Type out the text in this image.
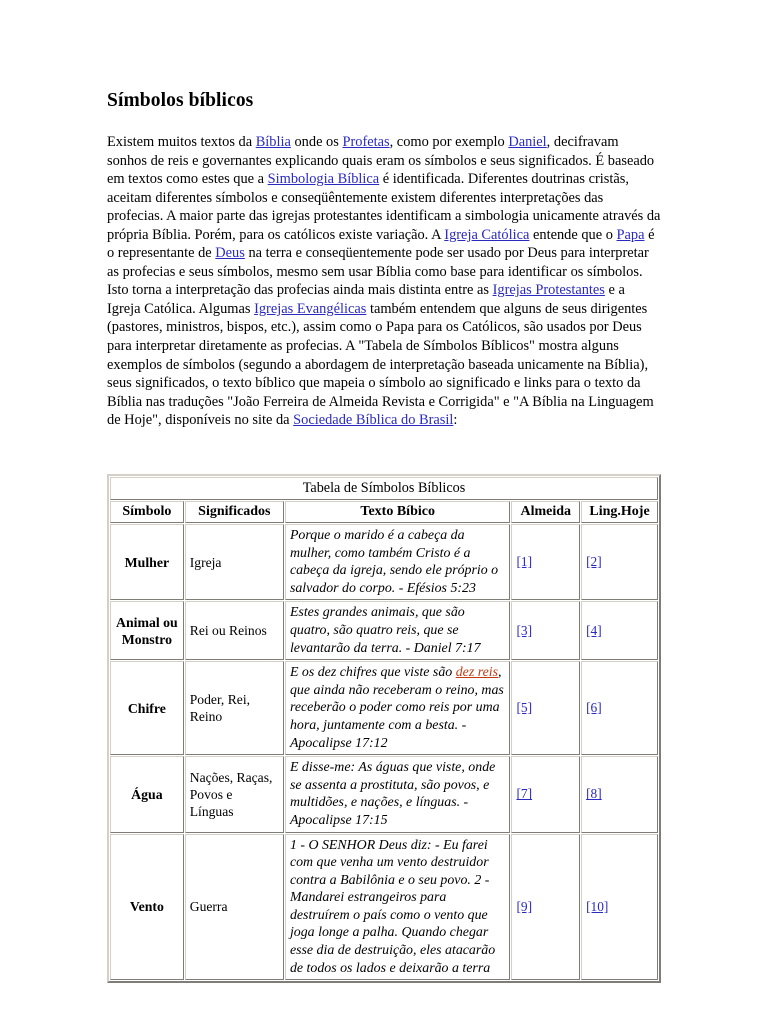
Símbolos bíblicos

Existem muitos textos da Bíblia onde os Profetas, como por exemplo Daniel, decifravam sonhos de reis e governantes explicando quais eram os símbolos e seus significados. É baseado em textos como estes que a Simbologia Bíblica é identificada. Diferentes doutrinas cristãs, aceitam diferentes símbolos e conseqüêntemente existem diferentes interpretações das profecias. A maior parte das igrejas protestantes identificam a simbologia unicamente através da própria Bíblia. Porém, para os católicos existe variação. A Igreja Católica entende que o Papa é o representante de Deus na terra e conseqüentemente pode ser usado por Deus para interpretar as profecias e seus símbolos, mesmo sem usar Bíblia como base para identificar os símbolos. Isto torna a interpretação das profecias ainda mais distinta entre as Igrejas Protestantes e a Igreja Católica. Algumas Igrejas Evangélicas também entendem que alguns de seus dirigentes (pastores, ministros, bispos, etc.), assim como o Papa para os Católicos, são usados por Deus para interpretar diretamente as profecias. A "Tabela de Símbolos Bíblicos" mostra alguns exemplos de símbolos (segundo a abordagem de interpretação baseada unicamente na Bíblia), seus significados, o texto bíblico que mapeia o símbolo ao significado e links para o texto da Bíblia nas traduções "João Ferreira de Almeida Revista e Corrigida" e "A Bíblia na Linguagem de Hoje", disponíveis no site da Sociedade Bíblica do Brasil:

Tabela de Símbolos Bíblicos				
Símbolo	Significados	Texto Bíbico	Almeida	Ling.Hoje
Mulher	Igreja	Porque o marido é a cabeça da mulher, como também Cristo é a cabeça da igreja, sendo ele próprio o salvador do corpo. - Efésios 5:23	[1]	[2]
Animal ou Monstro	Rei ou Reinos	Estes grandes animais, que são quatro, são quatro reis, que se levantarão da terra. - Daniel 7:17	[3]	[4]
Chifre	Poder, Rei, Reino	E os dez chifres que viste são dez reis, que ainda não receberam o reino, mas receberão o poder como reis por uma hora, juntamente com a besta. - Apocalipse 17:12	[5]	[6]
Água	Nações, Raças, Povos e Línguas	E disse-me: As águas que viste, onde se assenta a prostituta, são povos, e multidões, e nações, e línguas. - Apocalipse 17:15	[7]	[8]
Vento	Guerra	1 - O SENHOR Deus diz: - Eu farei com que venha um vento destruidor contra a Babilônia e o seu povo. 2 - Mandarei estrangeiros para destruírem o país como o vento que joga longe a palha. Quando chegar esse dia de destruição, eles atacarão de todos os lados e deixarão a terra	[9]	[10]
